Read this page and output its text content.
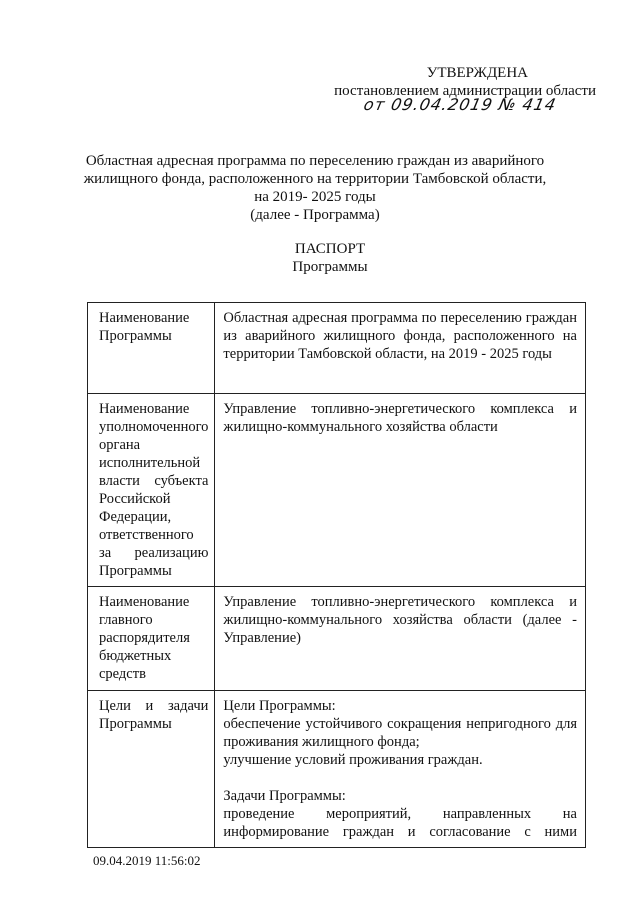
УТВЕРЖДЕНА
постановлением администрации области
от 09.04.2019 № 414
Областная адресная программа по переселению граждан из аварийного
жилищного фонда, расположенного на территории Тамбовской области,
на 2019- 2025 годы
(далее - Программа)
ПАСПОРТ
Программы
Наименование Программы	Областная адресная программа по переселению граждан из аварийного жилищного фонда, расположенного на территории Тамбовской области, на 2019 - 2025 годы
Наименование уполномоченного органа исполнительной власти субъекта Российской Федерации, ответственного за реализацию Программы	Управление топливно-энергетического комплекса и жилищно-коммунального хозяйства области
Наименование главного распорядителя бюджетных средств	Управление топливно-энергетического комплекса и жилищно-коммунального хозяйства области (далее - Управление)
Цели и задачи Программы	Цели Программы:
обеспечение устойчивого сокращения непригодного для проживания жилищного фонда;
улучшение условий проживания граждан.
Задачи Программы:
проведение мероприятий, направленных на информирование граждан и согласование с ними
09.04.2019 11:56:02
